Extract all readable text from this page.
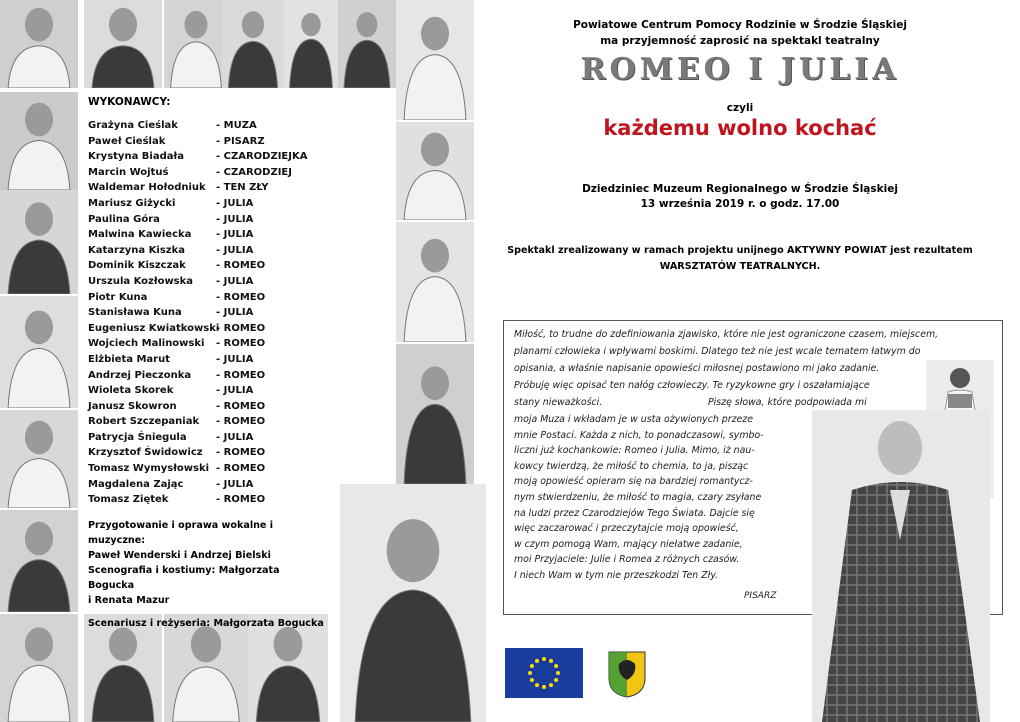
WYKONAWCY:
Grażyna Cieślak	- MUZA
Paweł Cieślak	- PISARZ
Krystyna Biadała	- CZARODZIEJKA
Marcin Wojtuś	- CZARODZIEJ
Waldemar Hołodniuk - TEN ZŁY
Mariusz Giżycki	- JULIA
Paulina Góra	- JULIA
Malwina Kawiecka - JULIA
Katarzyna Kiszka	- JULIA
Dominik Kiszczak	- ROMEO
Urszula Kozłowska - JULIA
Piotr Kuna	- ROMEO
Stanisława Kuna	- JULIA
Eugeniusz Kwiatkowski
- ROMEO
Wojciech Malinowski - ROMEO
Elżbieta Marut	- JULIA
Andrzej Pieczonka - ROMEO
Wioleta Skorek	- JULIA
Janusz Skowron	- ROMEO
Robert Szczepaniak - ROMEO
Patrycja Śniegula	- JULIA
Krzysztof Świdowicz - ROMEO
Tomasz Wymysłowski - ROMEO
Magdalena Zając	- JULIA
Tomasz Ziętek	- ROMEO
Przygotowanie i oprawa wokalne i muzyczne:
Paweł Wenderski i Andrzej Bielski
Scenografia i kostiumy: Małgorzata Bogucka
i Renata Mazur
Scenariusz i reżyseria: Małgorzata Bogucka
Powiatowe Centrum Pomocy Rodzinie w Środzie Śląskiej
ma przyjemność zaprosić na spektakl teatralny
ROMEO I JULIA
czyli
każdemu wolno kochać
Dziedziniec Muzeum Regionalnego w Środzie Śląskiej
13 września 2019 r. o godz. 17.00
Spektakl zrealizowany w ramach projektu unijnego AKTYWNY POWIAT jest rezultatem
WARSZTATÓW TEATRALNYCH.

Miłość, to trudne do zdefiniowania zjawisko, które nie jest ograniczone czasem, miejscem,

planami człowieka i wpływami boskimi. Dlatego też nie jest wcale tematem łatwym do

opisania, a właśnie napisanie opowieści miłosnej postawiono mi jako zadanie.

Próbuję więc opisać ten nałóg człowieczy. Te ryzykowne gry i oszałamiające

stany nieważkości.	Piszę słowa, które podpowiada mi

moja Muza i wkładam je w usta ożywionych przeze

mnie Postaci. Każda z nich, to ponadczasowi, symbo-

liczni już kochankowie: Romeo i Julia. Mimo, iż nau-

kowcy twierdzą, że miłość to chemia, to ja, pisząc

moją opowieść opieram się na bardziej romantycz-

nym stwierdzeniu, że miłość to magia, czary zsyłane

na ludzi przez Czarodziejów Tego Świata. Dajcie się

więc zaczarować i przeczytajcie moją opowieść,

w czym pomogą Wam, mający niełatwe zadanie,

moi Przyjaciele: Julie i Romea z różnych czasów.

I niech Wam w tym nie przeszkodzi Ten Zły.

PISARZ
